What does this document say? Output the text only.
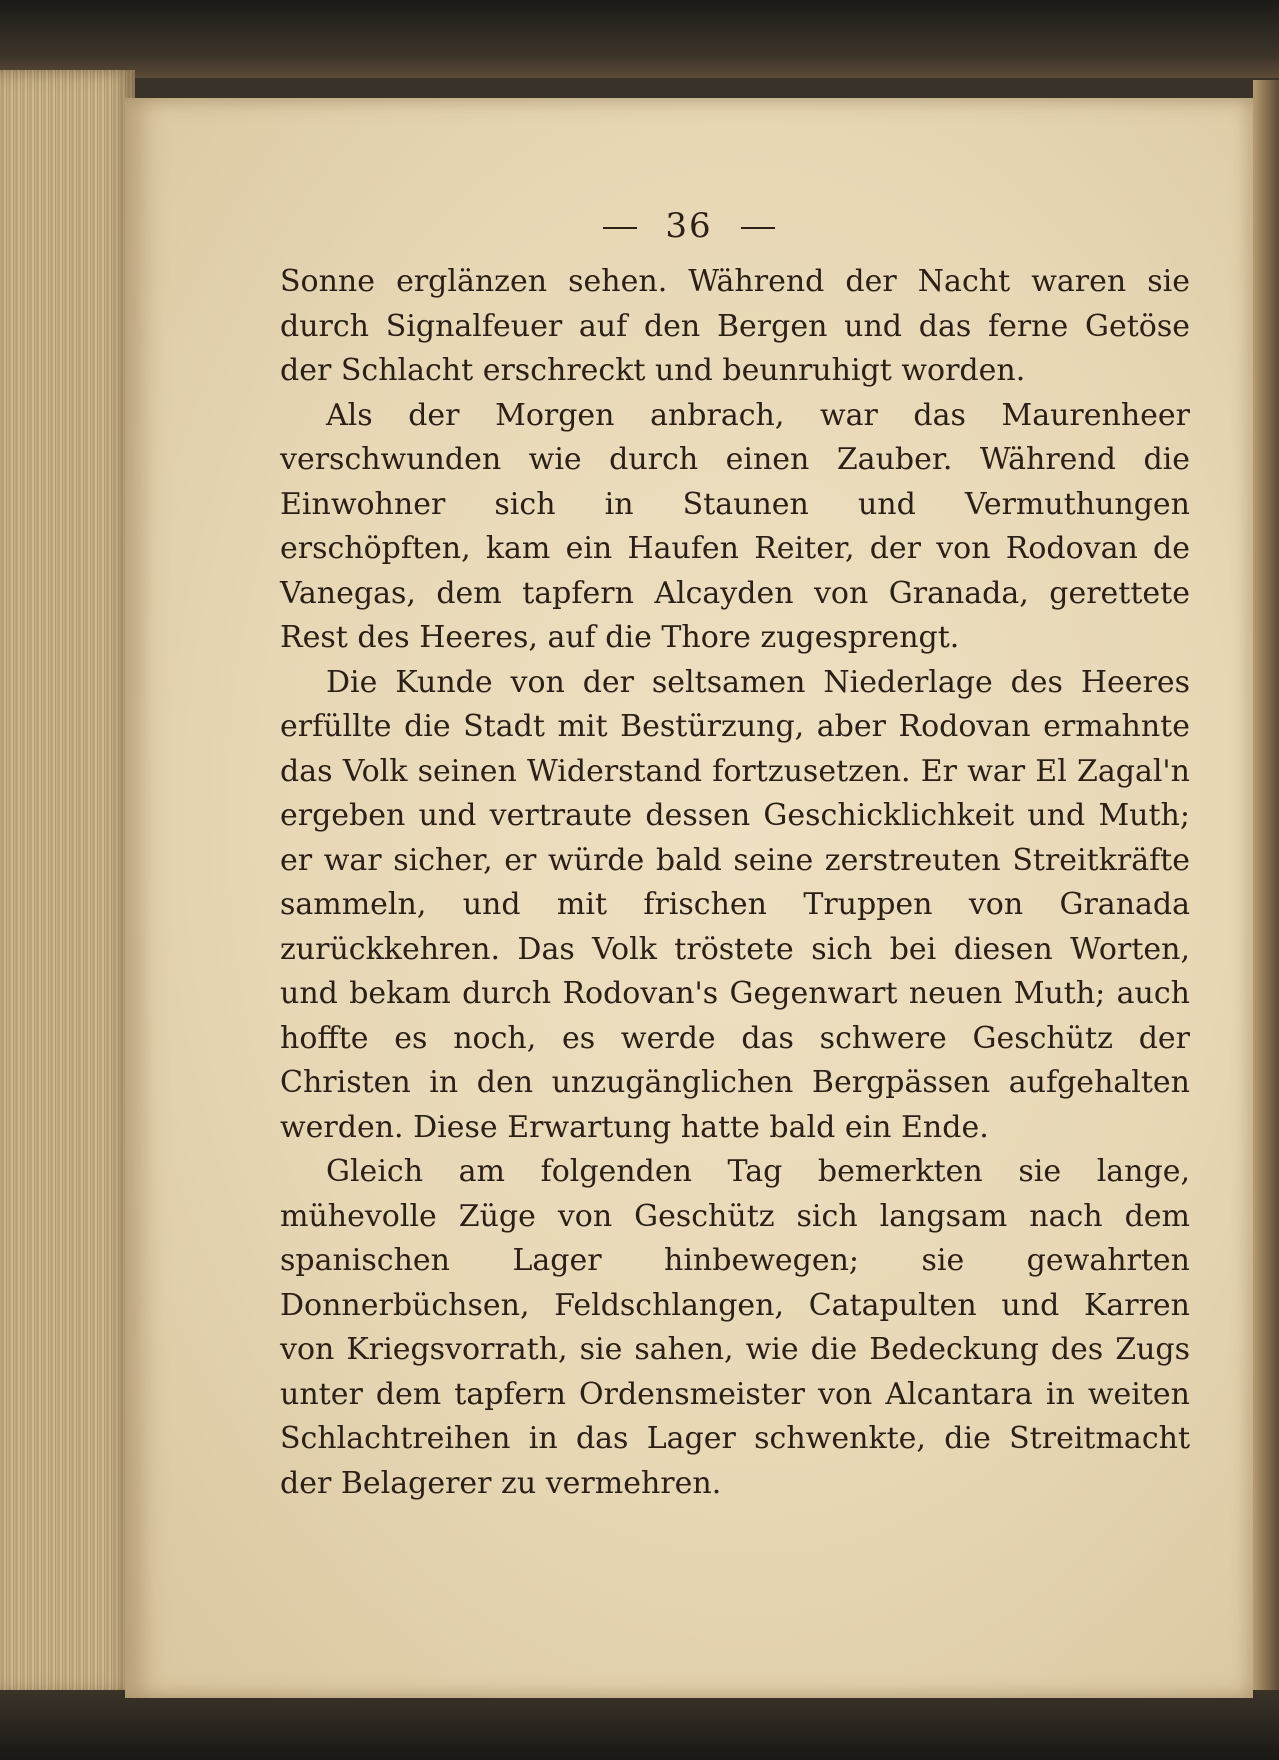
36

Sonne erglänzen sehen. Während der Nacht waren sie durch Signalfeuer auf den Bergen und das ferne Getöse der Schlacht erschreckt und beunruhigt worden.

Als der Morgen anbrach, war das Maurenheer verschwunden wie durch einen Zauber. Während die Einwohner sich in Staunen und Vermuthungen erschöpften, kam ein Haufen Reiter, der von Rodovan de Vanegas, dem tapfern Alcayden von Granada, gerettete Rest des Heeres, auf die Thore zugesprengt.

Die Kunde von der seltsamen Niederlage des Heeres erfüllte die Stadt mit Bestürzung, aber Rodovan ermahnte das Volk seinen Widerstand fortzusetzen. Er war El Zagal'n ergeben und vertraute dessen Geschicklichkeit und Muth; er war sicher, er würde bald seine zerstreuten Streitkräfte sammeln, und mit frischen Truppen von Granada zurückkehren. Das Volk tröstete sich bei diesen Worten, und bekam durch Rodovan's Gegenwart neuen Muth; auch hoffte es noch, es werde das schwere Geschütz der Christen in den unzugänglichen Bergpässen aufgehalten werden. Diese Erwartung hatte bald ein Ende.

Gleich am folgenden Tag bemerkten sie lange, mühevolle Züge von Geschütz sich langsam nach dem spanischen Lager hinbewegen; sie gewahrten Donnerbüchsen, Feldschlangen, Catapulten und Karren von Kriegsvorrath, sie sahen, wie die Bedeckung des Zugs unter dem tapfern Ordensmeister von Alcantara in weiten Schlachtreihen in das Lager schwenkte, die Streitmacht der Belagerer zu vermehren.
